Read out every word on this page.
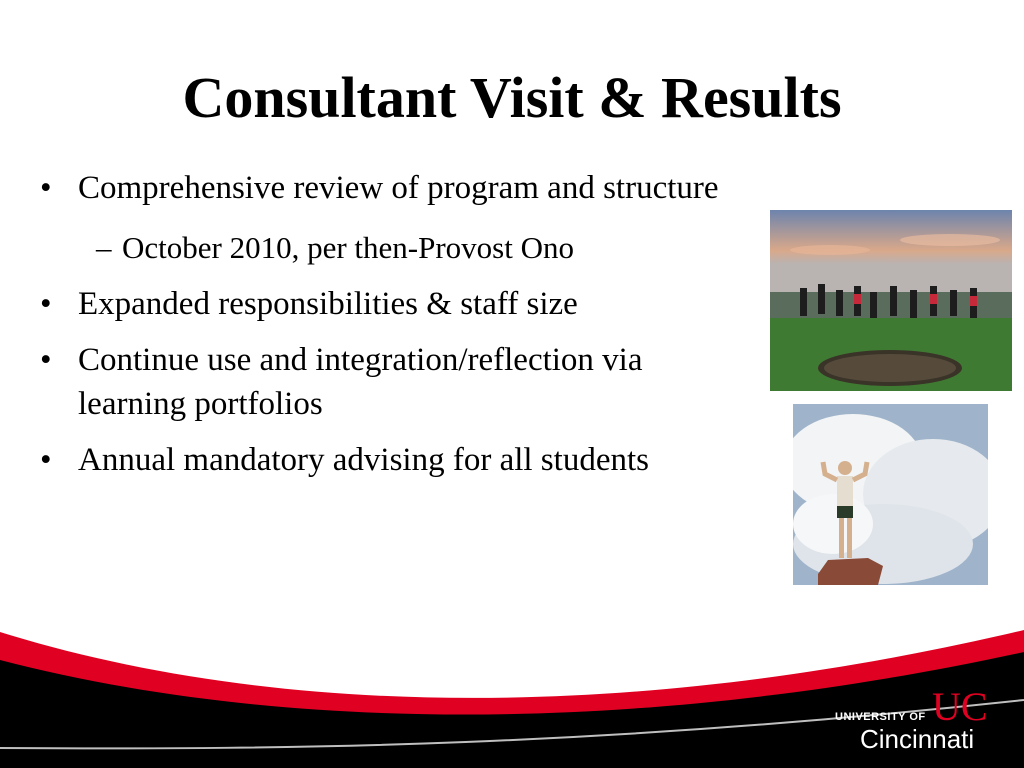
Consultant Visit & Results
• Comprehensive review of program and structure
– October 2010, per then-Provost Ono
• Expanded responsibilities & staff size
• Continue use and integration/reflection via learning portfolios
• Annual mandatory advising for all students
UC
UNIVERSITY OF
Cincinnati
